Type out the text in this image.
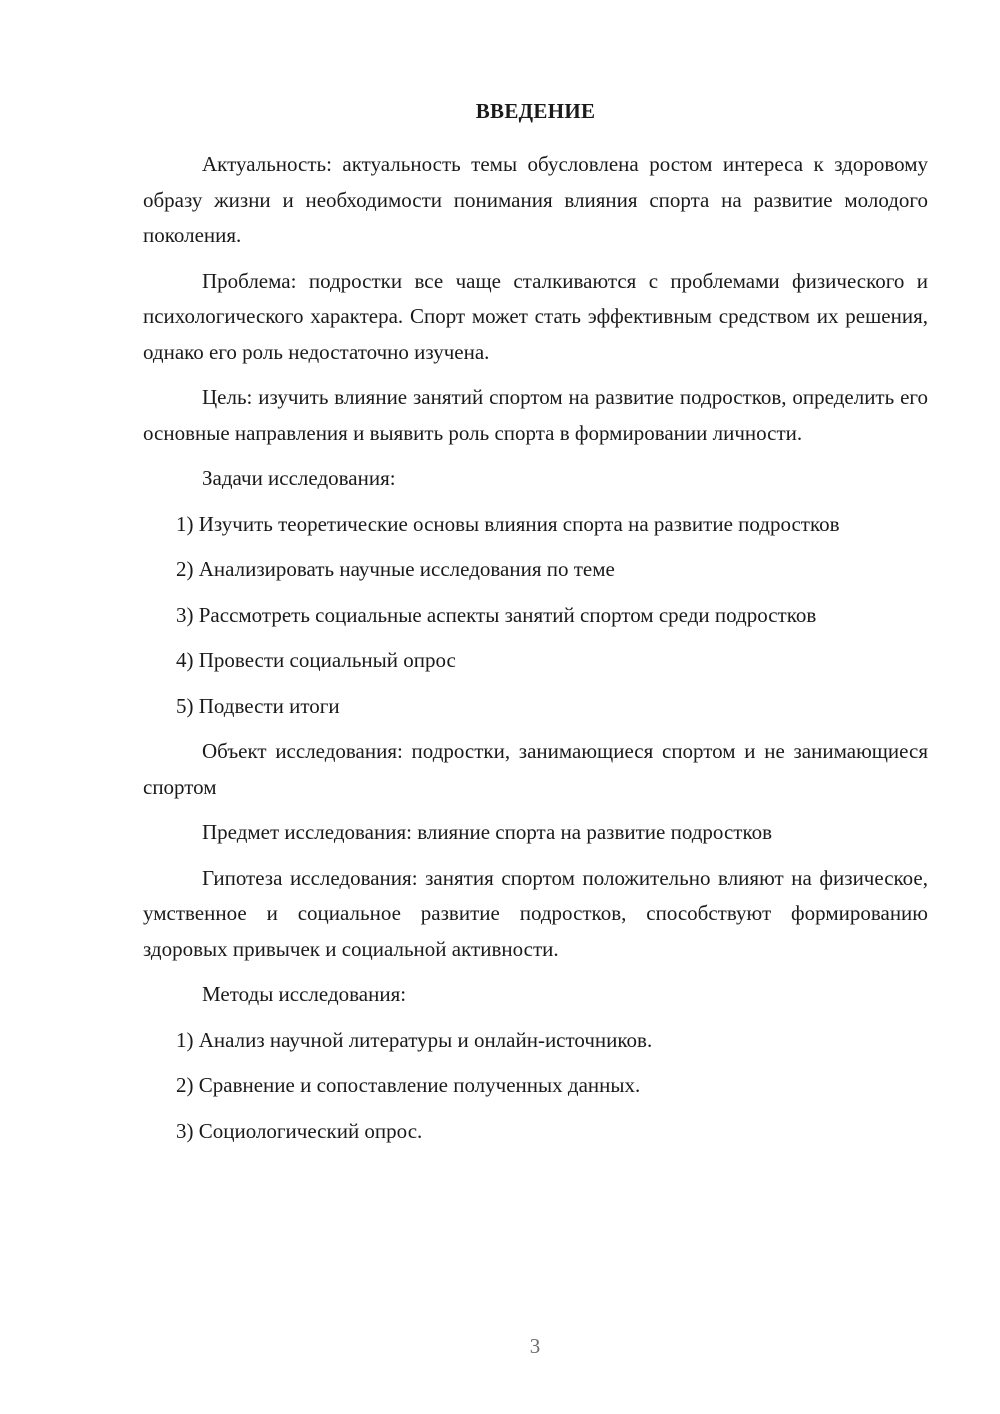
ВВЕДЕНИЕ

Актуальность: актуальность темы обусловлена ростом интереса к здоровому образу жизни и необходимости понимания влияния спорта на развитие молодого поколения.

Проблема: подростки все чаще сталкиваются с проблемами физического и психологического характера. Спорт может стать эффективным средством их решения, однако его роль недостаточно изучена.

Цель: изучить влияние занятий спортом на развитие подростков, определить его основные направления и выявить роль спорта в формировании личности.

Задачи исследования:

1) Изучить теоретические основы влияния спорта на развитие подростков

2) Анализировать научные исследования по теме

3) Рассмотреть социальные аспекты занятий спортом среди подростков

4) Провести социальный опрос

5) Подвести итоги

Объект исследования: подростки, занимающиеся спортом и не занимающиеся спортом

Предмет исследования: влияние спорта на развитие подростков

Гипотеза исследования: занятия спортом положительно влияют на физическое, умственное и социальное развитие подростков, способствуют формированию здоровых привычек и социальной активности.

Методы исследования:

1) Анализ научной литературы и онлайн-источников.

2) Сравнение и сопоставление полученных данных.

3) Социологический опрос.

3
